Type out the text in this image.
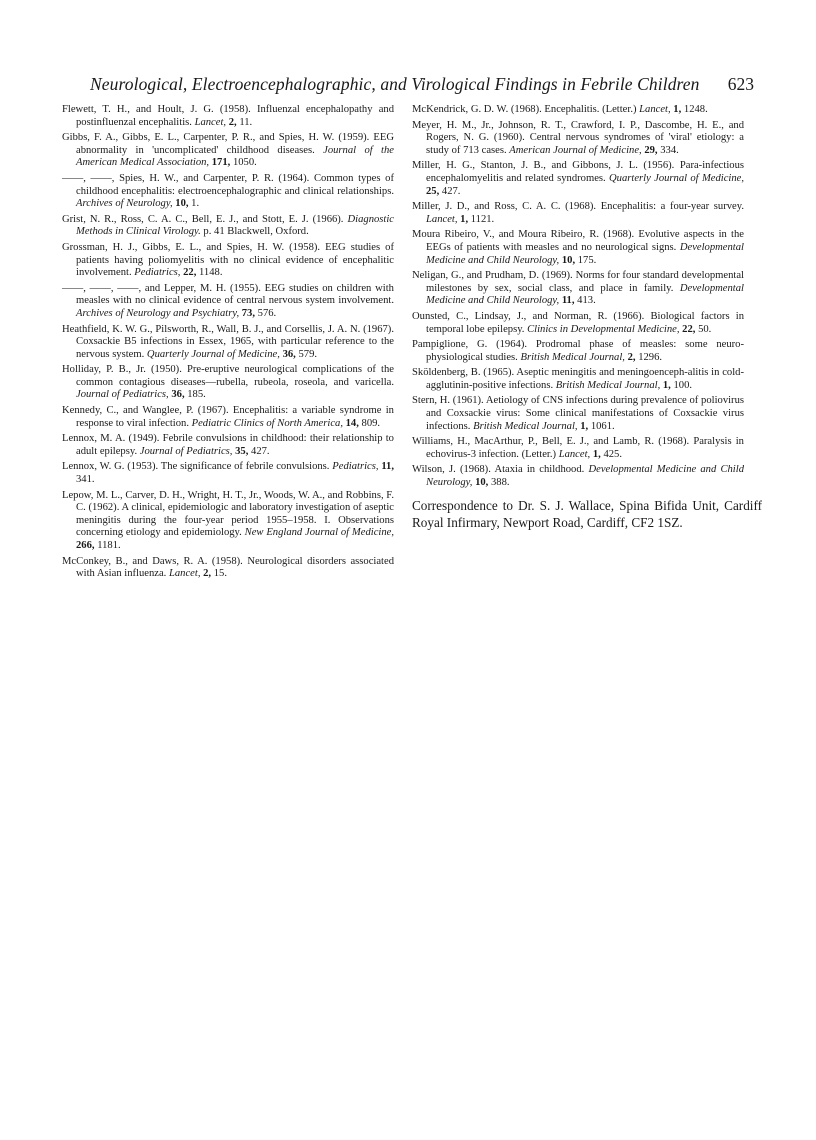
Neurological, Electroencephalographic, and Virological Findings in Febrile Children 623

Flewett, T. H., and Hoult, J. G. (1958). Influenzal encephalopathy and postinfluenzal encephalitis. Lancet, 2, 11.

Gibbs, F. A., Gibbs, E. L., Carpenter, P. R., and Spies, H. W. (1959). EEG abnormality in 'uncomplicated' childhood diseases. Journal of the American Medical Association, 171, 1050.

——, ——, Spies, H. W., and Carpenter, P. R. (1964). Common types of childhood encephalitis: electroencephalographic and clinical relationships. Archives of Neurology, 10, 1.

Grist, N. R., Ross, C. A. C., Bell, E. J., and Stott, E. J. (1966). Diagnostic Methods in Clinical Virology. p. 41 Blackwell, Oxford.

Grossman, H. J., Gibbs, E. L., and Spies, H. W. (1958). EEG studies of patients having poliomyelitis with no clinical evidence of encephalitic involvement. Pediatrics, 22, 1148.

——, ——, ——, and Lepper, M. H. (1955). EEG studies on children with measles with no clinical evidence of central nervous system involvement. Archives of Neurology and Psychiatry, 73, 576.

Heathfield, K. W. G., Pilsworth, R., Wall, B. J., and Corsellis, J. A. N. (1967). Coxsackie B5 infections in Essex, 1965, with particular reference to the nervous system. Quarterly Journal of Medicine, 36, 579.

Holliday, P. B., Jr. (1950). Pre-eruptive neurological complications of the common contagious diseases—rubella, rubeola, roseola, and varicella. Journal of Pediatrics, 36, 185.

Kennedy, C., and Wanglee, P. (1967). Encephalitis: a variable syndrome in response to viral infection. Pediatric Clinics of North America, 14, 809.

Lennox, M. A. (1949). Febrile convulsions in childhood: their relationship to adult epilepsy. Journal of Pediatrics, 35, 427.

Lennox, W. G. (1953). The significance of febrile convulsions. Pediatrics, 11, 341.

Lepow, M. L., Carver, D. H., Wright, H. T., Jr., Woods, W. A., and Robbins, F. C. (1962). A clinical, epidemiologic and laboratory investigation of aseptic meningitis during the four-year period 1955–1958. I. Observations concerning etiology and epidemiology. New England Journal of Medicine, 266, 1181.

McConkey, B., and Daws, R. A. (1958). Neurological disorders associated with Asian influenza. Lancet, 2, 15.

McKendrick, G. D. W. (1968). Encephalitis. (Letter.) Lancet, 1, 1248.

Meyer, H. M., Jr., Johnson, R. T., Crawford, I. P., Dascombe, H. E., and Rogers, N. G. (1960). Central nervous syndromes of 'viral' etiology: a study of 713 cases. American Journal of Medicine, 29, 334.

Miller, H. G., Stanton, J. B., and Gibbons, J. L. (1956). Para-infectious encephalomyelitis and related syndromes. Quarterly Journal of Medicine, 25, 427.

Miller, J. D., and Ross, C. A. C. (1968). Encephalitis: a four-year survey. Lancet, 1, 1121.

Moura Ribeiro, V., and Moura Ribeiro, R. (1968). Evolutive aspects in the EEGs of patients with measles and no neurological signs. Developmental Medicine and Child Neurology, 10, 175.

Neligan, G., and Prudham, D. (1969). Norms for four standard developmental milestones by sex, social class, and place in family. Developmental Medicine and Child Neurology, 11, 413.

Ounsted, C., Lindsay, J., and Norman, R. (1966). Biological factors in temporal lobe epilepsy. Clinics in Developmental Medicine, 22, 50.

Pampiglione, G. (1964). Prodromal phase of measles: some neuro-physiological studies. British Medical Journal, 2, 1296.

Sköldenberg, B. (1965). Aseptic meningitis and meningoenceph-alitis in cold-agglutinin-positive infections. British Medical Journal, 1, 100.

Stern, H. (1961). Aetiology of CNS infections during prevalence of poliovirus and Coxsackie virus: Some clinical manifestations of Coxsackie virus infections. British Medical Journal, 1, 1061.

Williams, H., MacArthur, P., Bell, E. J., and Lamb, R. (1968). Paralysis in echovirus-3 infection. (Letter.) Lancet, 1, 425.

Wilson, J. (1968). Ataxia in childhood. Developmental Medicine and Child Neurology, 10, 388.

Correspondence to Dr. S. J. Wallace, Spina Bifida Unit, Cardiff Royal Infirmary, Newport Road, Cardiff, CF2 1SZ.
